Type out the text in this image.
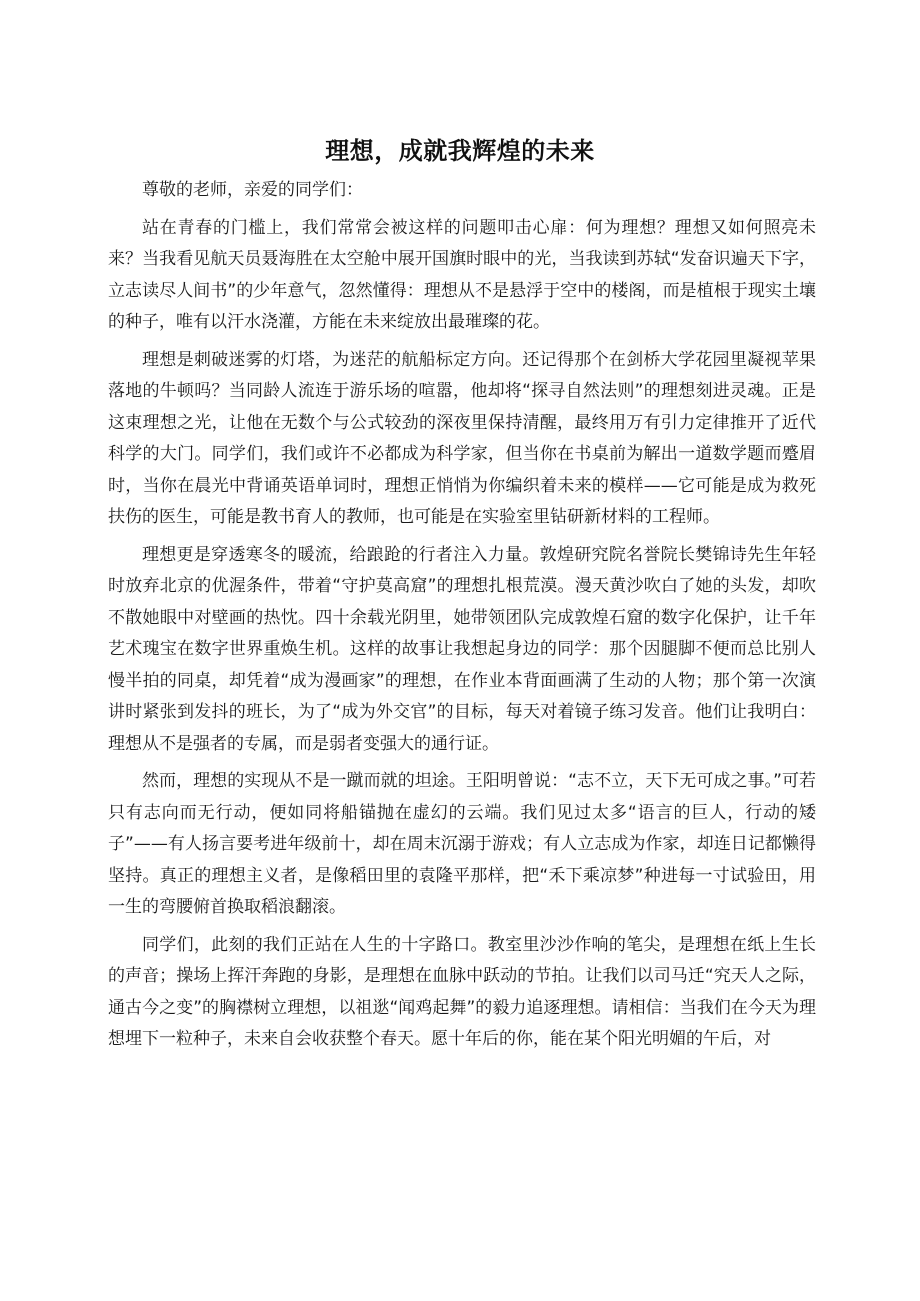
理想，成就我辉煌的未来

尊敬的老师，亲爱的同学们：

站在青春的门槛上，我们常常会被这样的问题叩击心扉：何为理想？理想又如何照亮未来？当我看见航天员聂海胜在太空舱中展开国旗时眼中的光，当我读到苏轼“发奋识遍天下字，立志读尽人间书”的少年意气，忽然懂得：理想从不是悬浮于空中的楼阁，而是植根于现实土壤的种子，唯有以汗水浇灌，方能在未来绽放出最璀璨的花。

理想是刺破迷雾的灯塔，为迷茫的航船标定方向。还记得那个在剑桥大学花园里凝视苹果落地的牛顿吗？当同龄人流连于游乐场的喧嚣，他却将“探寻自然法则”的理想刻进灵魂。正是这束理想之光，让他在无数个与公式较劲的深夜里保持清醒，最终用万有引力定律推开了近代科学的大门。同学们，我们或许不必都成为科学家，但当你在书桌前为解出一道数学题而蹙眉时，当你在晨光中背诵英语单词时，理想正悄悄为你编织着未来的模样——它可能是成为救死扶伤的医生，可能是教书育人的教师，也可能是在实验室里钻研新材料的工程师。

理想更是穿透寒冬的暖流，给踉跄的行者注入力量。敦煌研究院名誉院长樊锦诗先生年轻时放弃北京的优渥条件，带着“守护莫高窟”的理想扎根荒漠。漫天黄沙吹白了她的头发，却吹不散她眼中对壁画的热忱。四十余载光阴里，她带领团队完成敦煌石窟的数字化保护，让千年艺术瑰宝在数字世界重焕生机。这样的故事让我想起身边的同学：那个因腿脚不便而总比别人慢半拍的同桌，却凭着“成为漫画家”的理想，在作业本背面画满了生动的人物；那个第一次演讲时紧张到发抖的班长，为了“成为外交官”的目标，每天对着镜子练习发音。他们让我明白：理想从不是强者的专属，而是弱者变强大的通行证。

然而，理想的实现从不是一蹴而就的坦途。王阳明曾说：“志不立，天下无可成之事。”可若只有志向而无行动，便如同将船锚抛在虚幻的云端。我们见过太多“语言的巨人，行动的矮子”——有人扬言要考进年级前十，却在周末沉溺于游戏；有人立志成为作家，却连日记都懒得坚持。真正的理想主义者，是像稻田里的袁隆平那样，把“禾下乘凉梦”种进每一寸试验田，用一生的弯腰俯首换取稻浪翻滚。

同学们，此刻的我们正站在人生的十字路口。教室里沙沙作响的笔尖，是理想在纸上生长的声音；操场上挥汗奔跑的身影，是理想在血脉中跃动的节拍。让我们以司马迁“究天人之际，通古今之变”的胸襟树立理想，以祖逖“闻鸡起舞”的毅力追逐理想。请相信：当我们在今天为理想埋下一粒种子，未来自会收获整个春天。愿十年后的你，能在某个阳光明媚的午后，对
